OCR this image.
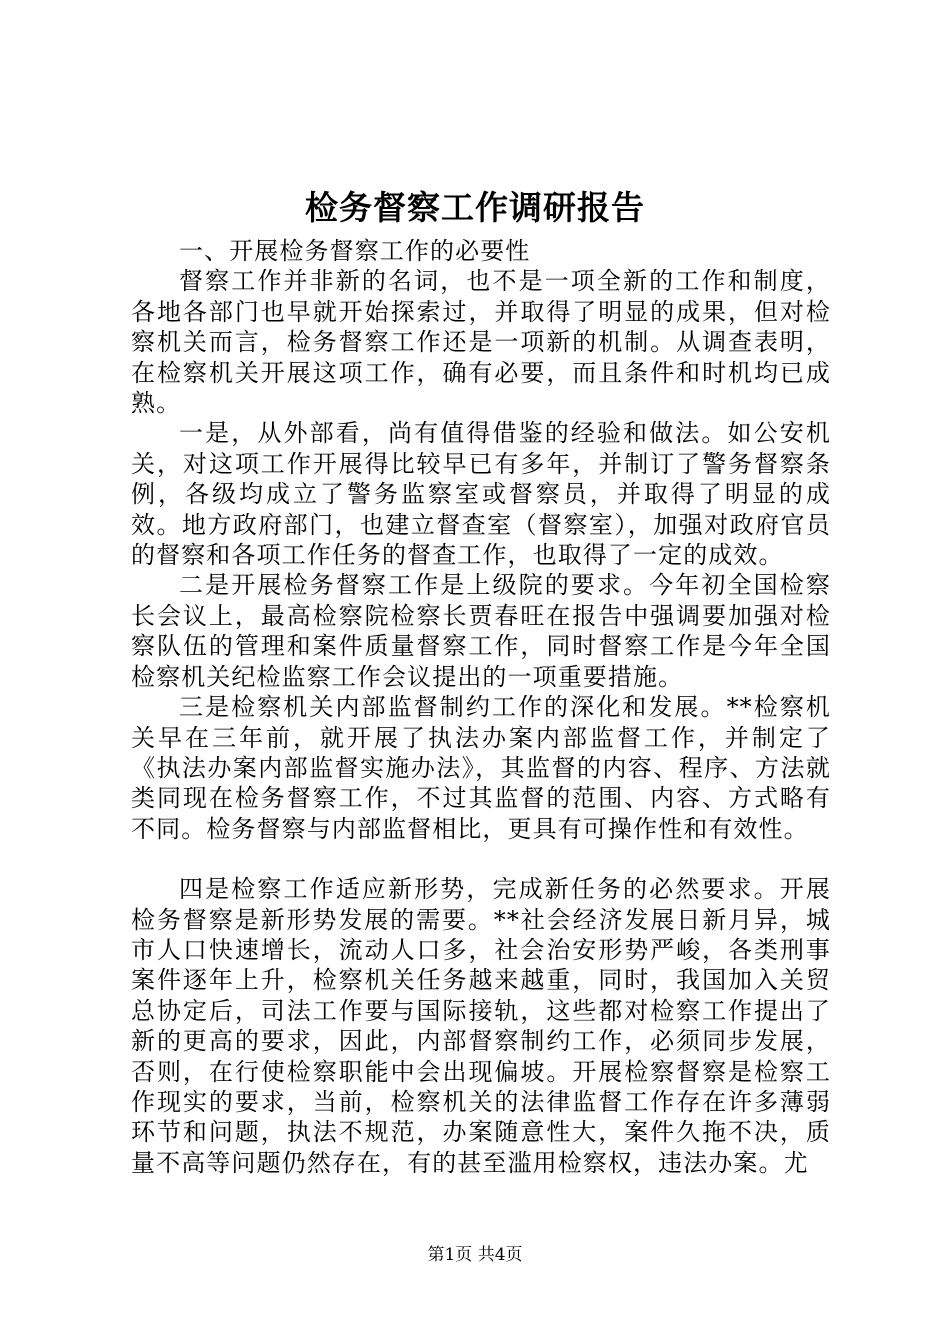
检务督察工作调研报告

一、开展检务督察工作的必要性

督察工作并非新的名词，也不是一项全新的工作和制度，各地各部门也早就开始探索过，并取得了明显的成果，但对检察机关而言，检务督察工作还是一项新的机制。从调查表明，在检察机关开展这项工作，确有必要，而且条件和时机均已成熟。

一是，从外部看，尚有值得借鉴的经验和做法。如公安机关，对这项工作开展得比较早已有多年，并制订了警务督察条例，各级均成立了警务监察室或督察员，并取得了明显的成效。地方政府部门，也建立督查室（督察室），加强对政府官员的督察和各项工作任务的督查工作，也取得了一定的成效。

二是开展检务督察工作是上级院的要求。今年初全国检察长会议上，最高检察院检察长贾春旺在报告中强调要加强对检察队伍的管理和案件质量督察工作，同时督察工作是今年全国检察机关纪检监察工作会议提出的一项重要措施。

三是检察机关内部监督制约工作的深化和发展。**检察机关早在三年前，就开展了执法办案内部监督工作，并制定了《执法办案内部监督实施办法》，其监督的内容、程序、方法就类同现在检务督察工作，不过其监督的范围、内容、方式略有不同。检务督察与内部监督相比，更具有可操作性和有效性。

四是检察工作适应新形势，完成新任务的必然要求。开展检务督察是新形势发展的需要。**社会经济发展日新月异，城市人口快速增长，流动人口多，社会治安形势严峻，各类刑事案件逐年上升，检察机关任务越来越重，同时，我国加入关贸总协定后，司法工作要与国际接轨，这些都对检察工作提出了新的更高的要求，因此，内部督察制约工作，必须同步发展，否则，在行使检察职能中会出现偏坡。开展检察督察是检察工作现实的要求，当前，检察机关的法律监督工作存在许多薄弱环节和问题，执法不规范，办案随意性大，案件久拖不决，质量不高等问题仍然存在，有的甚至滥用检察权，违法办案。尤

第1页 共4页
